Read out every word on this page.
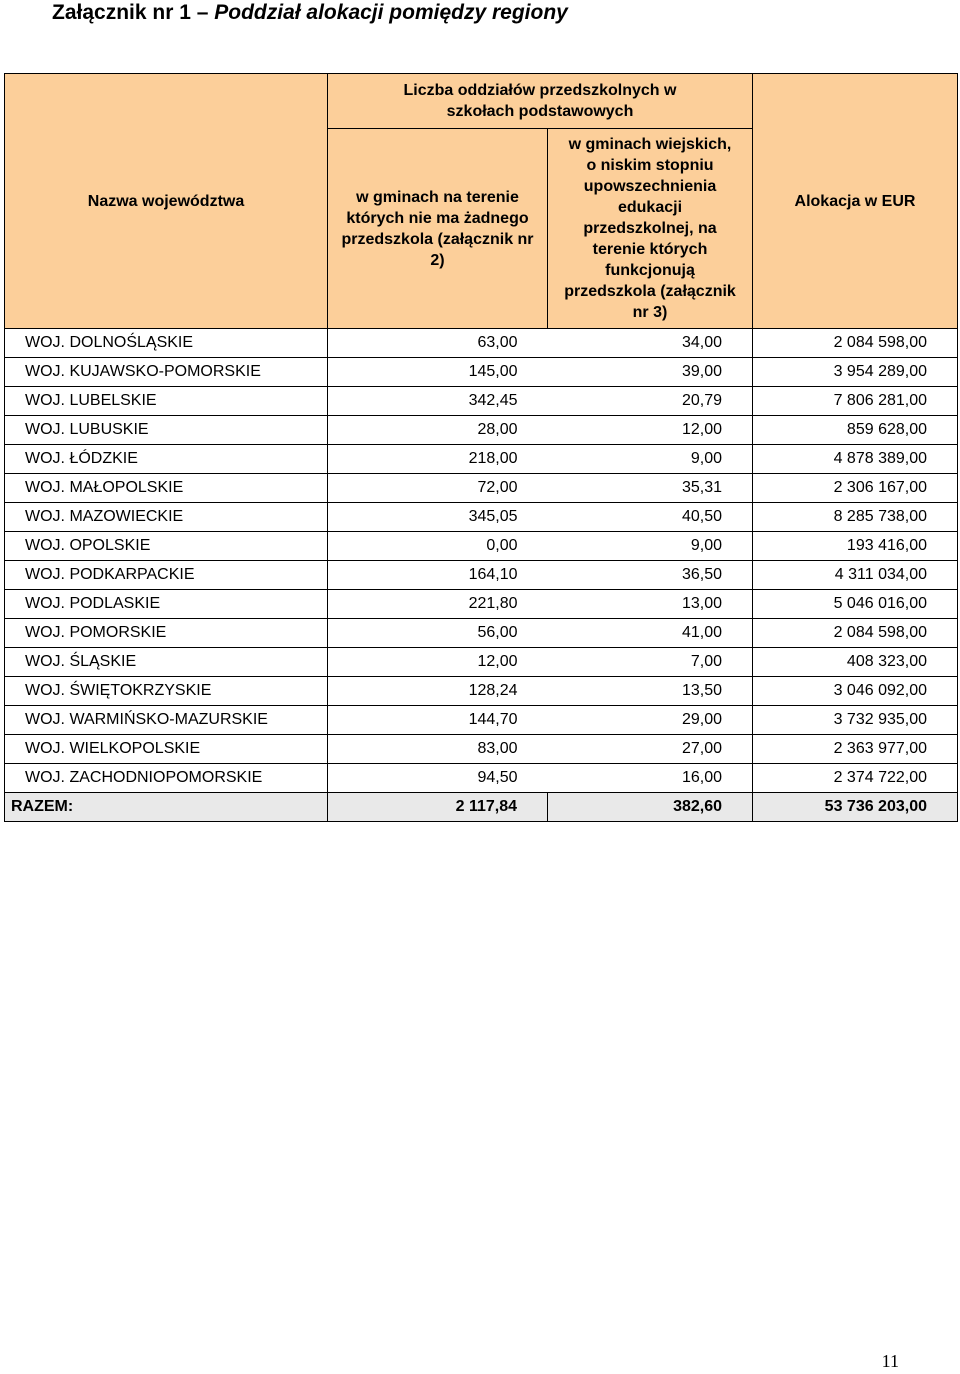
Załącznik nr 1 – Poddział alokacji pomiędzy regiony
Nazwa województwa	Liczba oddziałów przedszkolnych w szkołach podstawowych		Alokacja w EUR

	w gminach na terenie których nie ma żadnego przedszkola (załącznik nr 2)	w gminach wiejskich, o niskim stopniu upowszechnienia edukacji przedszkolnej, na terenie których funkcjonują przedszkola (załącznik nr 3)	

WOJ. DOLNOŚLĄSKIE	63,00	34,00	2 084 598,00
WOJ. KUJAWSKO-POMORSKIE	145,00	39,00	3 954 289,00
WOJ. LUBELSKIE	342,45	20,79	7 806 281,00
WOJ. LUBUSKIE	28,00	12,00	859 628,00
WOJ. ŁÓDZKIE	218,00	9,00	4 878 389,00
WOJ. MAŁOPOLSKIE	72,00	35,31	2 306 167,00
WOJ. MAZOWIECKIE	345,05	40,50	8 285 738,00
WOJ. OPOLSKIE	0,00	9,00	193 416,00
WOJ. PODKARPACKIE	164,10	36,50	4 311 034,00
WOJ. PODLASKIE	221,80	13,00	5 046 016,00
WOJ. POMORSKIE	56,00	41,00	2 084 598,00
WOJ. ŚLĄSKIE	12,00	7,00	408 323,00
WOJ. ŚWIĘTOKRZYSKIE	128,24	13,50	3 046 092,00
WOJ. WARMIŃSKO-MAZURSKIE	144,70	29,00	3 732 935,00
WOJ. WIELKOPOLSKIE	83,00	27,00	2 363 977,00
WOJ. ZACHODNIOPOMORSKIE	94,50	16,00	2 374 722,00
RAZEM:	2 117,84	382,60	53 736 203,00
11
